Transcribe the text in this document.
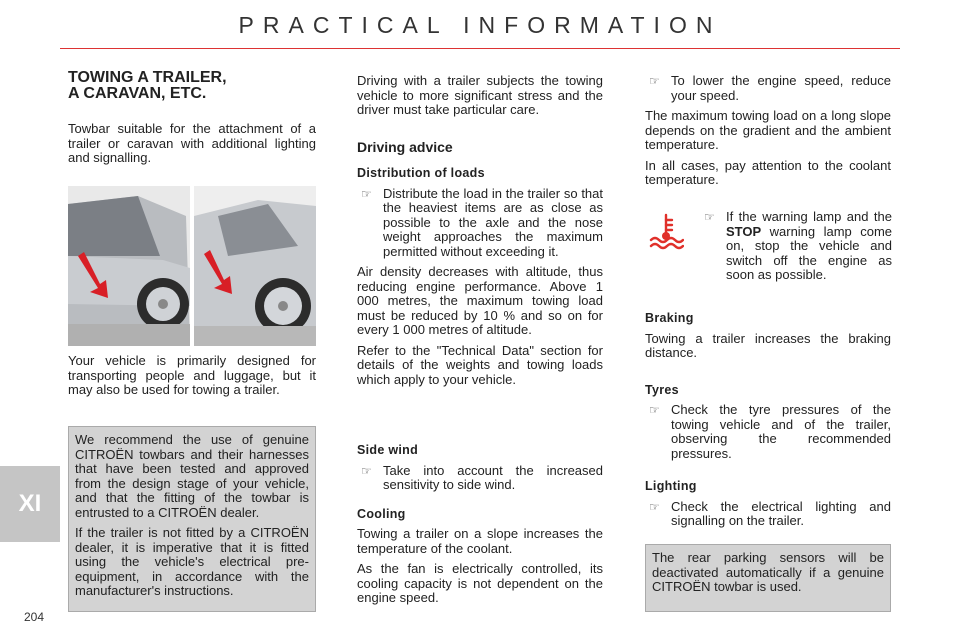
PRACTICAL INFORMATION
XI
204
TOWING A TRAILER,
A CARAVAN, ETC.

Towbar suitable for the attachment of a trailer or caravan with additional lighting and signalling.

Your vehicle is primarily designed for transporting people and luggage, but it may also be used for towing a trailer.

We recommend the use of genuine CITROËN towbars and their harnesses that have been tested and approved from the design stage of your vehicle, and that the fitting of the towbar is entrusted to a CITROËN dealer.

If the trailer is not fitted by a CITROËN dealer, it is imperative that it is fitted using the vehicle's electrical pre-equipment, in accordance with the manufacturer's instructions.

Driving with a trailer subjects the towing vehicle to more significant stress and the driver must take particular care.

Driving advice

Distribution of loads

☞ Distribute the load in the trailer so that the heaviest items are as close as possible to the axle and the nose weight approaches the maximum permitted without exceeding it.

Air density decreases with altitude, thus reducing engine performance. Above 1 000 metres, the maximum towing load must be reduced by 10 % and so on for every 1 000 metres of altitude.

Refer to the "Technical Data" section for details of the weights and towing loads which apply to your vehicle.

Side wind

☞ Take into account the increased sensitivity to side wind.

Cooling

Towing a trailer on a slope increases the temperature of the coolant.

As the fan is electrically controlled, its cooling capacity is not dependent on the engine speed.

☞ To lower the engine speed, reduce your speed.

The maximum towing load on a long slope depends on the gradient and the ambient temperature.

In all cases, pay attention to the coolant temperature.

☞ If the warning lamp and the STOP warning lamp come on, stop the vehicle and switch off the engine as soon as possible.

Braking

Towing a trailer increases the braking distance.

Tyres

☞ Check the tyre pressures of the towing vehicle and of the trailer, observing the recommended pressures.

Lighting

☞ Check the electrical lighting and signalling on the trailer.

The rear parking sensors will be deactivated automatically if a genuine CITROËN towbar is used.
